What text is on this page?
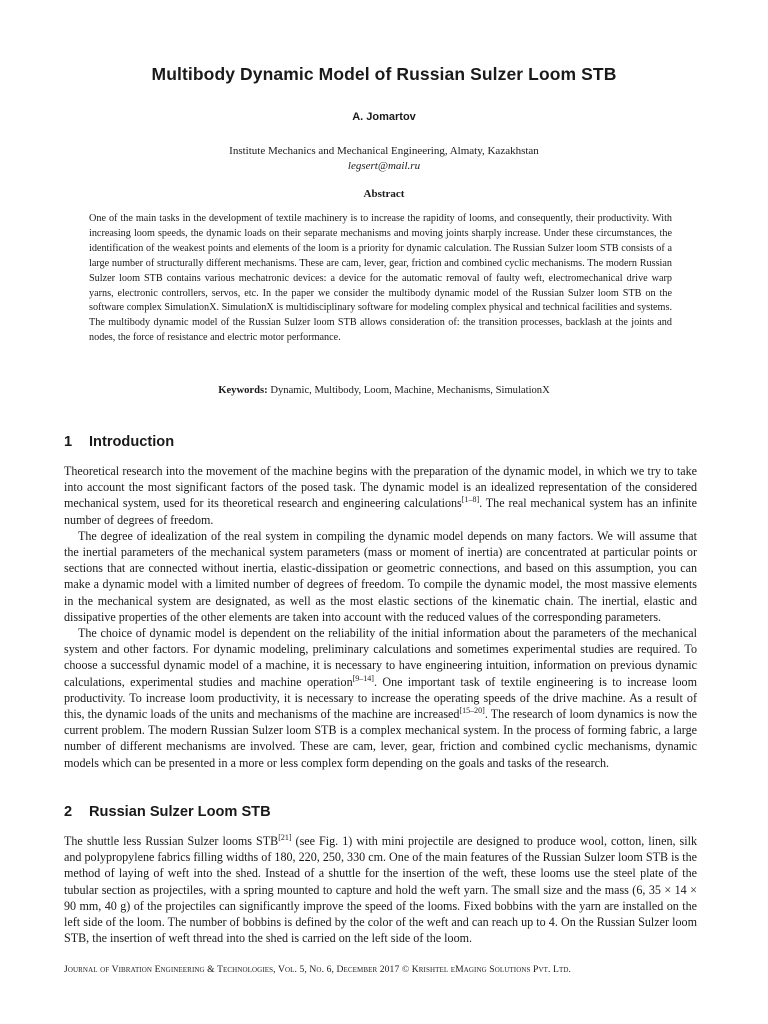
Multibody Dynamic Model of Russian Sulzer Loom STB
A. Jomartov
Institute Mechanics and Mechanical Engineering, Almaty, Kazakhstan
legsert@mail.ru
Abstract
One of the main tasks in the development of textile machinery is to increase the rapidity of looms, and consequently, their productivity. With increasing loom speeds, the dynamic loads on their separate mechanisms and moving joints sharply increase. Under these circumstances, the identification of the weakest points and elements of the loom is a priority for dynamic calculation. The Russian Sulzer loom STB consists of a large number of structurally different mechanisms. These are cam, lever, gear, friction and combined cyclic mechanisms. The modern Russian Sulzer loom STB contains various mechatronic devices: a device for the automatic removal of faulty weft, electromechanical drive warp yarns, electronic controllers, servos, etc. In the paper we consider the multibody dynamic model of the Russian Sulzer loom STB on the software complex SimulationX. SimulationX is multidisciplinary software for modeling complex physical and technical facilities and systems. The multibody dynamic model of the Russian Sulzer loom STB allows consideration of: the transition processes, backlash at the joints and nodes, the force of resistance and electric motor performance.
Keywords: Dynamic, Multibody, Loom, Machine, Mechanisms, SimulationX
1 Introduction

Theoretical research into the movement of the machine begins with the preparation of the dynamic model, in which we try to take into account the most significant factors of the posed task. The dynamic model is an idealized representation of the considered mechanical system, used for its theoretical research and engineering calculations[1–8]. The real mechanical system has an infinite number of degrees of freedom.

The degree of idealization of the real system in compiling the dynamic model depends on many factors. We will assume that the inertial parameters of the mechanical system parameters (mass or moment of inertia) are concentrated at particular points or sections that are connected without inertia, elastic-dissipation or geometric connections, and based on this assumption, you can make a dynamic model with a limited number of degrees of freedom. To compile the dynamic model, the most massive elements in the mechanical system are designated, as well as the most elastic sections of the kinematic chain. The inertial, elastic and dissipative properties of the other elements are taken into account with the reduced values of the corresponding parameters.

The choice of dynamic model is dependent on the reliability of the initial information about the parameters of the mechanical system and other factors. For dynamic modeling, preliminary calculations and sometimes experimental studies are required. To choose a successful dynamic model of a machine, it is necessary to have engineering intuition, information on previous dynamic calculations, experimental studies and machine operation[9–14]. One important task of textile engineering is to increase loom productivity. To increase loom productivity, it is necessary to increase the operating speeds of the drive machine. As a result of this, the dynamic loads of the units and mechanisms of the machine are increased[15–20]. The research of loom dynamics is now the current problem. The modern Russian Sulzer loom STB is a complex mechanical system. In the process of forming fabric, a large number of different mechanisms are involved. These are cam, lever, gear, friction and combined cyclic mechanisms, dynamic models which can be presented in a more or less complex form depending on the goals and tasks of the research.

2 Russian Sulzer Loom STB

The shuttle less Russian Sulzer looms STB[21] (see Fig. 1) with mini projectile are designed to produce wool, cotton, linen, silk and polypropylene fabrics filling widths of 180, 220, 250, 330 cm. One of the main features of the Russian Sulzer loom STB is the method of laying of weft into the shed. Instead of a shuttle for the insertion of the weft, these looms use the steel plate of the tubular section as projectiles, with a spring mounted to capture and hold the weft yarn. The small size and the mass (6, 35 × 14 × 90 mm, 40 g) of the projectiles can significantly improve the speed of the looms. Fixed bobbins with the yarn are installed on the left side of the loom. The number of bobbins is defined by the color of the weft and can reach up to 4. On the Russian Sulzer loom STB, the insertion of weft thread into the shed is carried on the left side of the loom.

Journal of Vibration Engineering & Technologies, Vol. 5, No. 6, December 2017 © Krishtel eMaging Solutions Pvt. Ltd.
